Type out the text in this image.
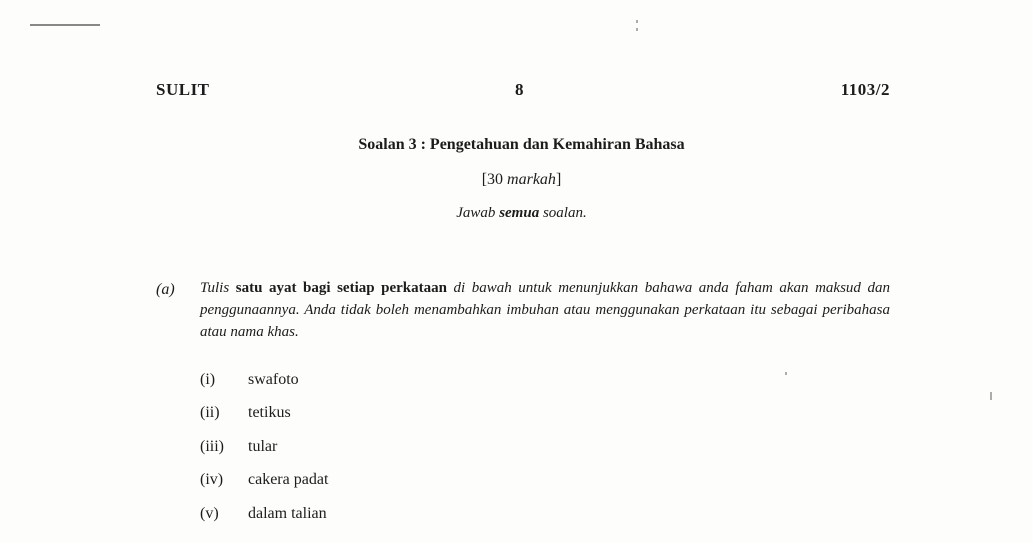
SULIT	8	1103/2
Soalan 3 : Pengetahuan dan Kemahiran Bahasa
[30 markah]
Jawab semua soalan.
(a) Tulis satu ayat bagi setiap perkataan di bawah untuk menunjukkan bahawa anda faham akan maksud dan penggunaannya. Anda tidak boleh menambahkan imbuhan atau menggunakan perkataan itu sebagai peribahasa atau nama khas.
(i) swafoto
(ii) tetikus
(iii) tular
(iv) cakera padat
(v) dalam talian
